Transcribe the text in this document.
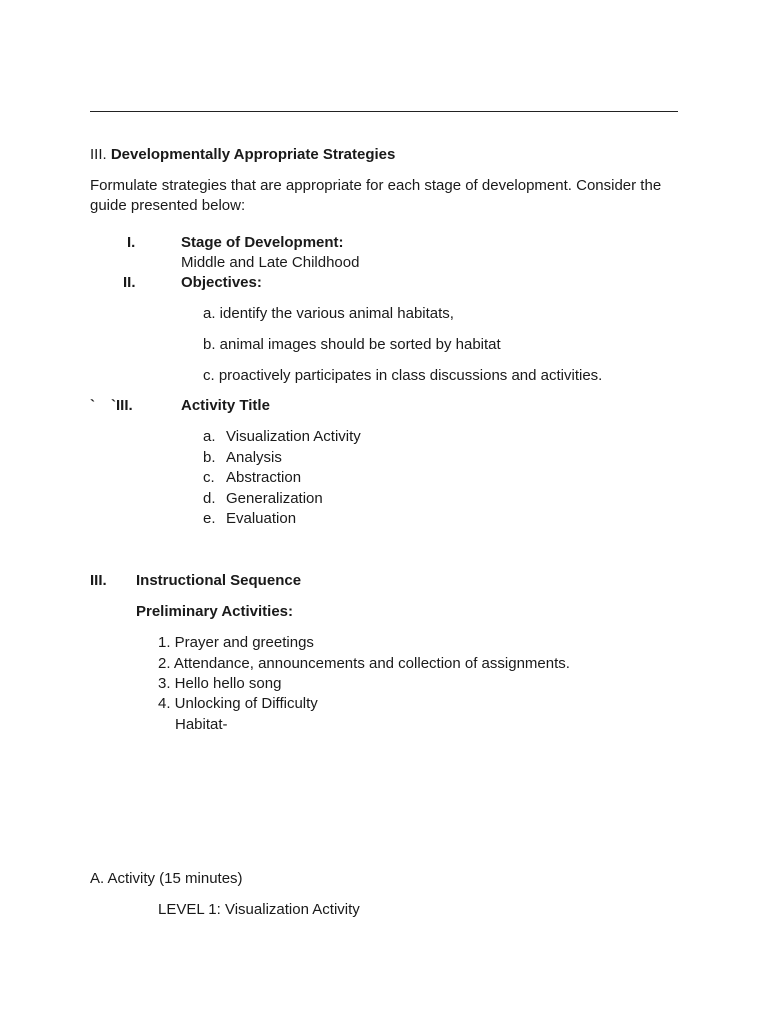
III. Developmentally Appropriate Strategies
Formulate strategies that are appropriate for each stage of development. Consider the guide presented below:
I.	Stage of Development:
Middle and Late Childhood
II.	Objectives:
a. identify the various animal habitats,
b. animal images should be sorted by habitat
c. proactively participates in class discussions and activities.
` `III.	Activity Title
a. Visualization Activity
b. Analysis
c. Abstraction
d. Generalization
e. Evaluation
III. Instructional Sequence
Preliminary Activities:
1. Prayer and greetings
2. Attendance, announcements and collection of assignments.
3. Hello hello song
4. Unlocking of Difficulty
Habitat-
A. Activity (15 minutes)
LEVEL 1: Visualization Activity
